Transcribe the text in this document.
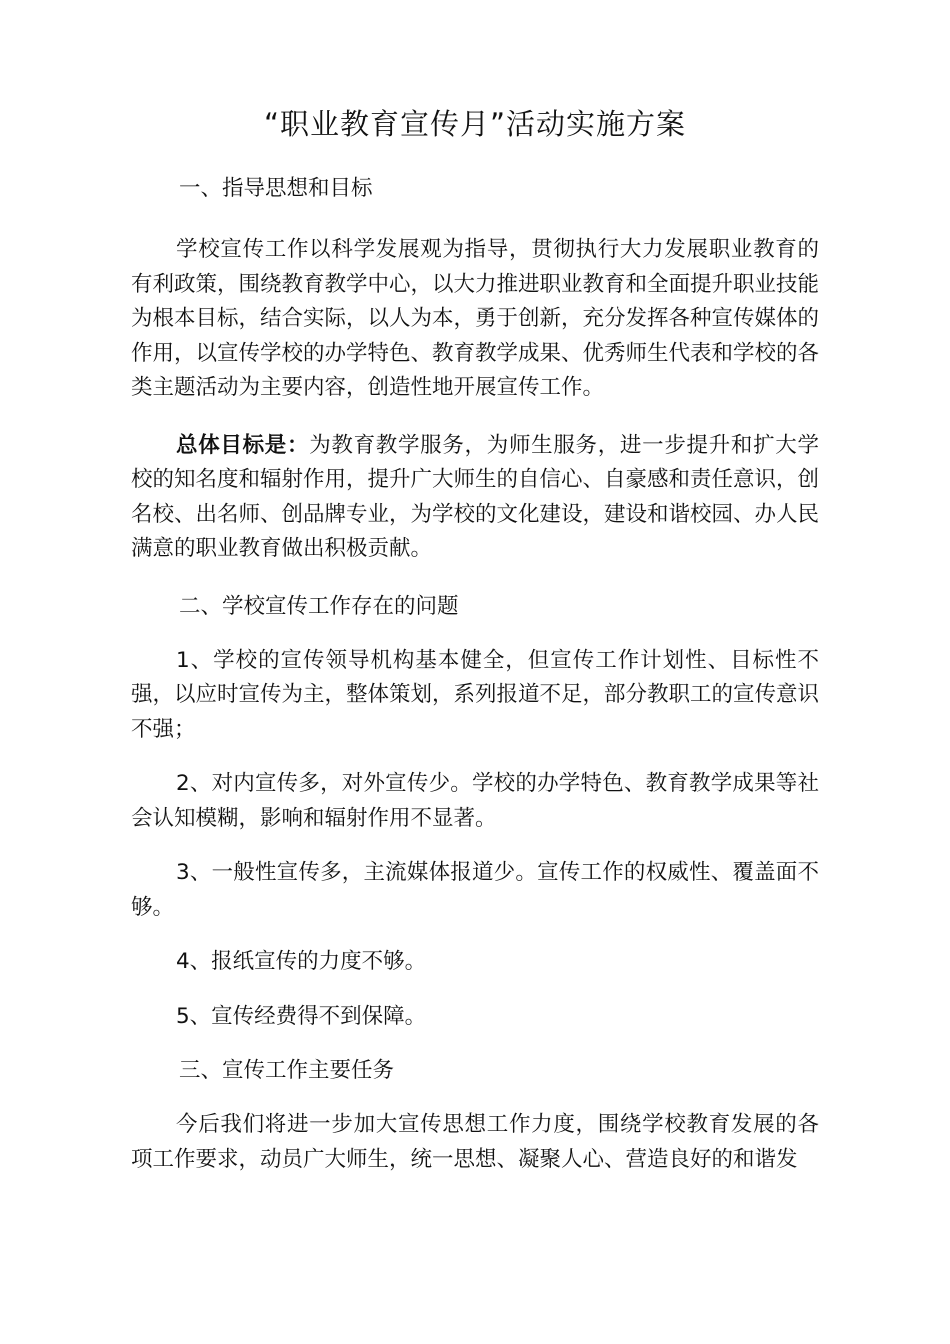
“职业教育宣传月”活动实施方案
一、指导思想和目标

学校宣传工作以科学发展观为指导，贯彻执行大力发展职业教育的有利政策，围绕教育教学中心，以大力推进职业教育和全面提升职业技能为根本目标，结合实际，以人为本，勇于创新，充分发挥各种宣传媒体的作用，以宣传学校的办学特色、教育教学成果、优秀师生代表和学校的各类主题活动为主要内容，创造性地开展宣传工作。

总体目标是：为教育教学服务，为师生服务，进一步提升和扩大学校的知名度和辐射作用，提升广大师生的自信心、自豪感和责任意识，创名校、出名师、创品牌专业，为学校的文化建设，建设和谐校园、办人民满意的职业教育做出积极贡献。

二、学校宣传工作存在的问题

1、学校的宣传领导机构基本健全，但宣传工作计划性、目标性不强，以应时宣传为主，整体策划，系列报道不足，部分教职工的宣传意识不强；

2、对内宣传多，对外宣传少。学校的办学特色、教育教学成果等社会认知模糊，影响和辐射作用不显著。

3、一般性宣传多，主流媒体报道少。宣传工作的权威性、覆盖面不够。

4、报纸宣传的力度不够。

5、宣传经费得不到保障。

三、宣传工作主要任务

今后我们将进一步加大宣传思想工作力度，围绕学校教育发展的各项工作要求，动员广大师生，统一思想、凝聚人心、营造良好的和谐发
